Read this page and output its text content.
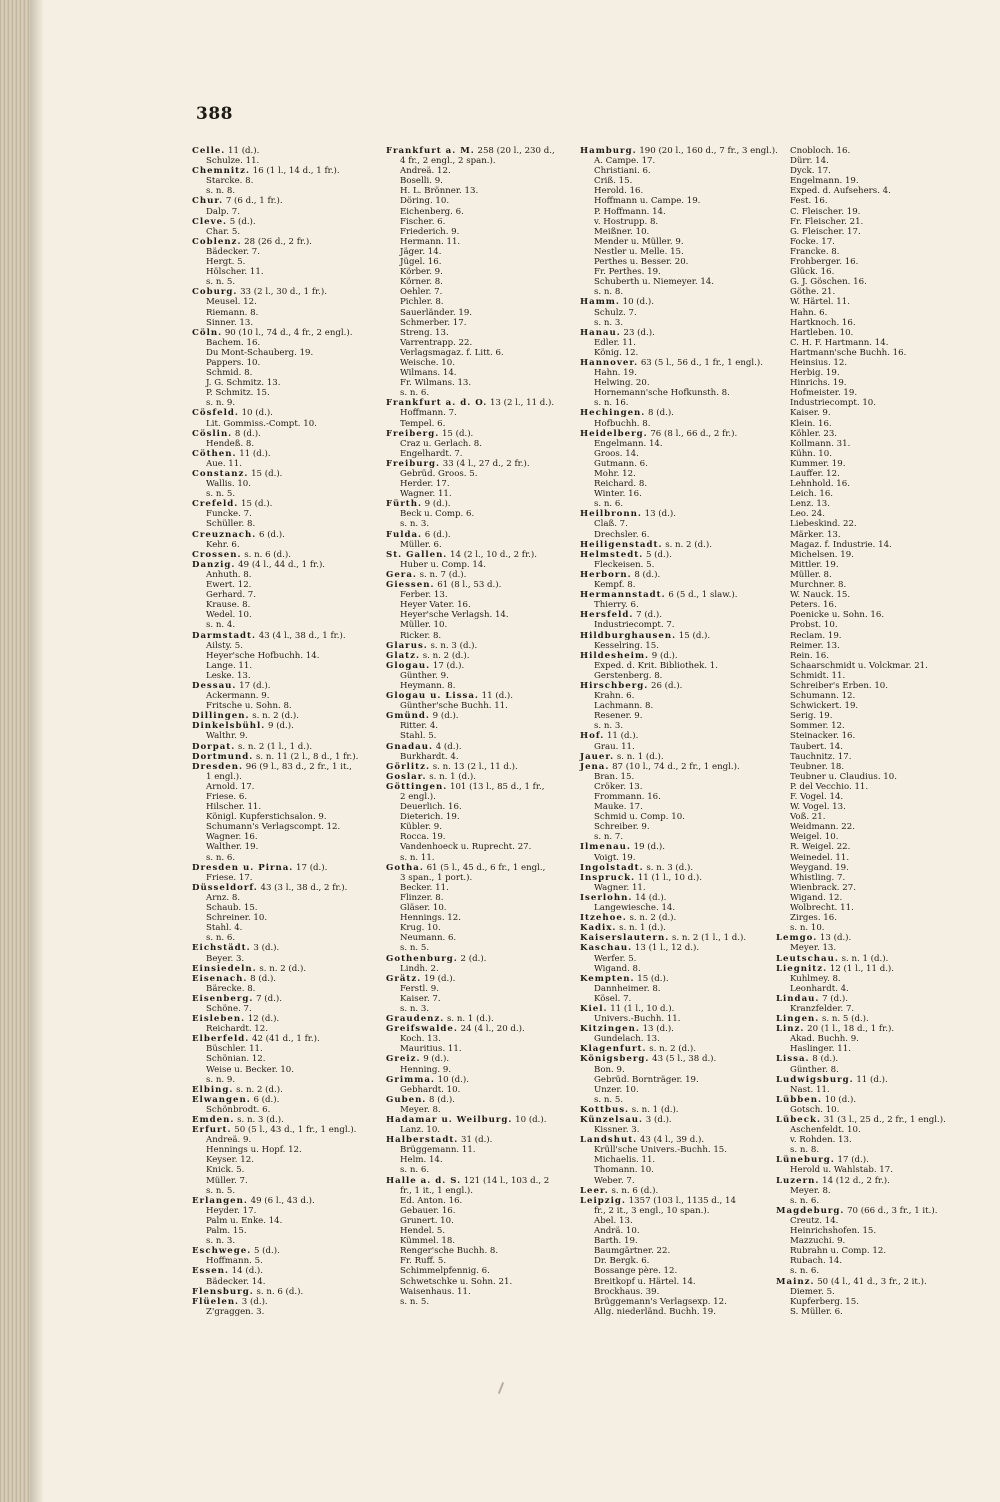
388
Celle. 11 (d.).
Schulze. 11.
Chemnitz. 16 (1 l., 14 d., 1 fr.).
Starcke. 8.
s. n. 8.
Chur. 7 (6 d., 1 fr.).
Dalp. 7.
Cleve. 5 (d.).
Char. 5.
Coblenz. 28 (26 d., 2 fr.).
Bädecker. 7.
Hergt. 5.
Hölscher. 11.
s. n. 5.
Coburg. 33 (2 l., 30 d., 1 fr.).
Meusel. 12.
Riemann. 8.
Sinner. 13.
Cöln. 90 (10 l., 74 d., 4 fr., 2 engl.).
Bachem. 16.
Du Mont-Schauberg. 19.
Pappers. 10.
Schmid. 8.
J. G. Schmitz. 13.
P. Schmitz. 15.
s. n. 9.
Cösfeld. 10 (d.).
Lit. Gommiss.-Compt. 10.
Cöslin. 8 (d.).
Hendeß. 8.
Cöthen. 11 (d.).
Aue. 11.
Constanz. 15 (d.).
Wallis. 10.
s. n. 5.
Crefeld. 15 (d.).
Funcke. 7.
Schüller. 8.
Creuznach. 6 (d.).
Kehr. 6.
Crossen. s. n. 6 (d.).
Danzig. 49 (4 l., 44 d., 1 fr.).
Anhuth. 8.
Ewert. 12.
Gerhard. 7.
Krause. 8.
Wedel. 10.
s. n. 4.
Darmstadt. 43 (4 l., 38 d., 1 fr.).
Ailsty. 5.
Heyer'sche Hofbuchh. 14.
Lange. 11.
Leske. 13.
Dessau. 17 (d.).
Ackermann. 9.
Fritsche u. Sohn. 8.
Dillingen. s. n. 2 (d.).
Dinkelsbühl. 9 (d.).
Walthr. 9.
Dorpat. s. n. 2 (1 l., 1 d.).
Dortmund. s. n. 11 (2 l., 8 d., 1 fr.).
Dresden. 96 (9 l., 83 d., 2 fr., 1 it.,
1 engl.).
Arnold. 17.
Friese. 6.
Hilscher. 11.
Königl. Kupferstichsalon. 9.
Schumann's Verlagscompt. 12.
Wagner. 16.
Walther. 19.
s. n. 6.
Dresden u. Pirna. 17 (d.).
Friese. 17.
Düsseldorf. 43 (3 l., 38 d., 2 fr.).
Arnz. 8.
Schaub. 15.
Schreiner. 10.
Stahl. 4.
s. n. 6.
Eichstädt. 3 (d.).
Beyer. 3.
Einsiedeln. s. n. 2 (d.).
Eisenach. 8 (d.).
Bärecke. 8.
Eisenberg. 7 (d.).
Schöne. 7.
Eisleben. 12 (d.).
Reichardt. 12.
Elberfeld. 42 (41 d., 1 fr.).
Büschler. 11.
Schönian. 12.
Weise u. Becker. 10.
s. n. 9.
Elbing. s. n. 2 (d.).
Elwangen. 6 (d.).
Schönbrodt. 6.
Emden. s. n. 3 (d.).
Erfurt. 50 (5 l., 43 d., 1 fr., 1 engl.).
Andreä. 9.
Hennings u. Hopf. 12.
Keyser. 12.
Knick. 5.
Müller. 7.
s. n. 5.
Erlangen. 49 (6 l., 43 d.).
Heyder. 17.
Palm u. Enke. 14.
Palm. 15.
s. n. 3.
Eschwege. 5 (d.).
Hoffmann. 5.
Essen. 14 (d.).
Bädecker. 14.
Flensburg. s. n. 6 (d.).
Flüelen. 3 (d.).
Z'graggen. 3.
Frankfurt a. M. 258 (20 l., 230 d.,
4 fr., 2 engl., 2 span.).
Andreä. 12.
Boselli. 9.
H. L. Brönner. 13.
Döring. 10.
Eichenberg. 6.
Fischer. 6.
Friederich. 9.
Hermann. 11.
Jäger. 14.
Jügel. 16.
Körber. 9.
Körner. 8.
Oehler. 7.
Pichler. 8.
Sauerländer. 19.
Schmerber. 17.
Streng. 13.
Varrentrapp. 22.
Verlagsmagaz. f. Litt. 6.
Weische. 10.
Wilmans. 14.
Fr. Wilmans. 13.
s. n. 6.
Frankfurt a. d. O. 13 (2 l., 11 d.).
Hoffmann. 7.
Tempel. 6.
Freiberg. 15 (d.).
Craz u. Gerlach. 8.
Engelhardt. 7.
Freiburg. 33 (4 l., 27 d., 2 fr.).
Gebrüd. Groos. 5.
Herder. 17.
Wagner. 11.
Fürth. 9 (d.).
Beck u. Comp. 6.
s. n. 3.
Fulda. 6 (d.).
Müller. 6.
St. Gallen. 14 (2 l., 10 d., 2 fr.).
Huber u. Comp. 14.
Gera. s. n. 7 (d.).
Giessen. 61 (8 l., 53 d.).
Ferber. 13.
Heyer Vater. 16.
Heyer'sche Verlagsh. 14.
Müller. 10.
Ricker. 8.
Glarus. s. n. 3 (d.).
Glatz. s. n. 2 (d.).
Glogau. 17 (d.).
Günther. 9.
Heymann. 8.
Glogau u. Lissa. 11 (d.).
Günther'sche Buchh. 11.
Gmünd. 9 (d.).
Ritter. 4.
Stahl. 5.
Gnadau. 4 (d.).
Burkhardt. 4.
Görlitz. s. n. 13 (2 l., 11 d.).
Goslar. s. n. 1 (d.).
Göttingen. 101 (13 l., 85 d., 1 fr.,
2 engl.).
Deuerlich. 16.
Dieterich. 19.
Kübler. 9.
Rocca. 19.
Vandenhoeck u. Ruprecht. 27.
s. n. 11.
Gotha. 61 (5 l., 45 d., 6 fr., 1 engl.,
3 span., 1 port.).
Becker. 11.
Flinzer. 8.
Gläser. 10.
Hennings. 12.
Krug. 10.
Neumann. 6.
s. n. 5.
Gothenburg. 2 (d.).
Lindh. 2.
Grätz. 19 (d.).
Ferstl. 9.
Kaiser. 7.
s. n. 3.
Graudenz. s. n. 1 (d.).
Greifswalde. 24 (4 l., 20 d.).
Koch. 13.
Mauritius. 11.
Greiz. 9 (d.).
Henning. 9.
Grimma. 10 (d.).
Gebhardt. 10.
Guben. 8 (d.).
Meyer. 8.
Hadamar u. Weilburg. 10 (d.).
Lanz. 10.
Halberstadt. 31 (d.).
Brüggemann. 11.
Helm. 14.
s. n. 6.
Halle a. d. S. 121 (14 l., 103 d., 2
fr., 1 it., 1 engl.).
Ed. Anton. 16.
Gebauer. 16.
Grunert. 10.
Hendel. 5.
Kümmel. 18.
Renger'sche Buchh. 8.
Fr. Ruff. 5.
Schimmelpfennig. 6.
Schwetschke u. Sohn. 21.
Waisenhaus. 11.
s. n. 5.
Hamburg. 190 (20 l., 160 d., 7 fr., 3 engl.).
A. Campe. 17.
Christiani. 6.
Criß. 15.
Herold. 16.
Hoffmann u. Campe. 19.
P. Hoffmann. 14.
v. Hostrupp. 8.
Meißner. 10.
Mender u. Müller. 9.
Nestler u. Melle. 15.
Perthes u. Besser. 20.
Fr. Perthes. 19.
Schuberth u. Niemeyer. 14.
s. n. 8.
Hamm. 10 (d.).
Schulz. 7.
s. n. 3.
Hanau. 23 (d.).
Edler. 11.
König. 12.
Hannover. 63 (5 l., 56 d., 1 fr., 1 engl.).
Hahn. 19.
Helwing. 20.
Hornemann'sche Hofkunsth. 8.
s. n. 16.
Hechingen. 8 (d.).
Hofbuchh. 8.
Heidelberg. 76 (8 l., 66 d., 2 fr.).
Engelmann. 14.
Groos. 14.
Gutmann. 6.
Mohr. 12.
Reichard. 8.
Winter. 16.
s. n. 6.
Heilbronn. 13 (d.).
Claß. 7.
Drechsler. 6.
Heiligenstadt. s. n. 2 (d.).
Helmstedt. 5 (d.).
Fleckeisen. 5.
Herborn. 8 (d.).
Kempf. 8.
Hermannstadt. 6 (5 d., 1 slaw.).
Thierry. 6.
Hersfeld. 7 (d.).
Industriecompt. 7.
Hildburghausen. 15 (d.).
Kesselring. 15.
Hildesheim. 9 (d.).
Exped. d. Krit. Bibliothek. 1.
Gerstenberg. 8.
Hirschberg. 26 (d.).
Krahn. 6.
Lachmann. 8.
Resener. 9.
s. n. 3.
Hof. 11 (d.).
Grau. 11.
Jauer. s. n. 1 (d.).
Jena. 87 (10 l., 74 d., 2 fr., 1 engl.).
Bran. 15.
Cröker. 13.
Frommann. 16.
Mauke. 17.
Schmid u. Comp. 10.
Schreiber. 9.
s. n. 7.
Ilmenau. 19 (d.).
Voigt. 19.
Ingolstadt. s. n. 3 (d.).
Inspruck. 11 (1 l., 10 d.).
Wagner. 11.
Iserlohn. 14 (d.).
Langewiesche. 14.
Itzehoe. s. n. 2 (d.).
Kadix. s. n. 1 (d.).
Kaiserslautern. s. n. 2 (1 l., 1 d.).
Kaschau. 13 (1 l., 12 d.).
Werfer. 5.
Wigand. 8.
Kempten. 15 (d.).
Dannheimer. 8.
Kösel. 7.
Kiel. 11 (1 l., 10 d.).
Univers.-Buchh. 11.
Kitzingen. 13 (d.).
Gundelach. 13.
Klagenfurt. s. n. 2 (d.).
Königsberg. 43 (5 l., 38 d.).
Bon. 9.
Gebrüd. Bornträger. 19.
Unzer. 10.
s. n. 5.
Kottbus. s. n. 1 (d.).
Künzelsau. 3 (d.).
Kissner. 3.
Landshut. 43 (4 l., 39 d.).
Krüll'sche Univers.-Buchh. 15.
Michaelis. 11.
Thomann. 10.
Weber. 7.
Leer. s. n. 6 (d.).
Leipzig. 1357 (103 l., 1135 d., 14
fr., 2 it., 3 engl., 10 span.).
Abel. 13.
Andrä. 10.
Barth. 19.
Baumgärtner. 22.
Dr. Bergk. 6.
Bossange père. 12.
Breitkopf u. Härtel. 14.
Brockhaus. 39.
Brüggemann's Verlagsexp. 12.
Allg. niederländ. Buchh. 19.
Cnobloch. 16.
Dürr. 14.
Dyck. 17.
Engelmann. 19.
Exped. d. Aufsehers. 4.
Fest. 16.
C. Fleischer. 19.
Fr. Fleischer. 21.
G. Fleischer. 17.
Focke. 17.
Francke. 8.
Frohberger. 16.
Glück. 16.
G. J. Göschen. 16.
Göthe. 21.
W. Härtel. 11.
Hahn. 6.
Hartknoch. 16.
Hartleben. 10.
C. H. F. Hartmann. 14.
Hartmann'sche Buchh. 16.
Heinsius. 12.
Herbig. 19.
Hinrichs. 19.
Hofmeister. 19.
Industriecompt. 10.
Kaiser. 9.
Klein. 16.
Köhler. 23.
Kollmann. 31.
Kühn. 10.
Kummer. 19.
Lauffer. 12.
Lehnhold. 16.
Leich. 16.
Lenz. 13.
Leo. 24.
Liebeskind. 22.
Märker. 13.
Magaz. f. Industrie. 14.
Michelsen. 19.
Mittler. 19.
Müller. 8.
Murchner. 8.
W. Nauck. 15.
Peters. 16.
Poenicke u. Sohn. 16.
Probst. 10.
Reclam. 19.
Reimer. 13.
Rein. 16.
Schaarschmidt u. Volckmar. 21.
Schmidt. 11.
Schreiber's Erben. 10.
Schumann. 12.
Schwickert. 19.
Serig. 19.
Sommer. 12.
Steinacker. 16.
Taubert. 14.
Tauchnitz. 17.
Teubner. 18.
Teubner u. Claudius. 10.
P. del Vecchio. 11.
F. Vogel. 14.
W. Vogel. 13.
Voß. 21.
Weidmann. 22.
Weigel. 10.
R. Weigel. 22.
Weinedel. 11.
Weygand. 19.
Whistling. 7.
Wienbrack. 27.
Wigand. 12.
Wolbrecht. 11.
Zirges. 16.
s. n. 10.
Lemgo. 13 (d.).
Meyer. 13.
Leutschau. s. n. 1 (d.).
Liegnitz. 12 (1 l., 11 d.).
Kuhlmey. 8.
Leonhardt. 4.
Lindau. 7 (d.).
Kranzfelder. 7.
Lingen. s. n. 5 (d.).
Linz. 20 (1 l., 18 d., 1 fr.).
Akad. Buchh. 9.
Haslinger. 11.
Lissa. 8 (d.).
Günther. 8.
Ludwigsburg. 11 (d.).
Nast. 11.
Lübben. 10 (d.).
Gotsch. 10.
Lübeck. 31 (3 l., 25 d., 2 fr., 1 engl.).
Aschenfeldt. 10.
v. Rohden. 13.
s. n. 8.
Lüneburg. 17 (d.).
Herold u. Wahlstab. 17.
Luzern. 14 (12 d., 2 fr.).
Meyer. 8.
s. n. 6.
Magdeburg. 70 (66 d., 3 fr., 1 it.).
Creutz. 14.
Heinrichshofen. 15.
Mazzuchi. 9.
Rubrahn u. Comp. 12.
Rubach. 14.
s. n. 6.
Mainz. 50 (4 l., 41 d., 3 fr., 2 it.).
Diemer. 5.
Kupferberg. 15.
S. Müller. 6.
